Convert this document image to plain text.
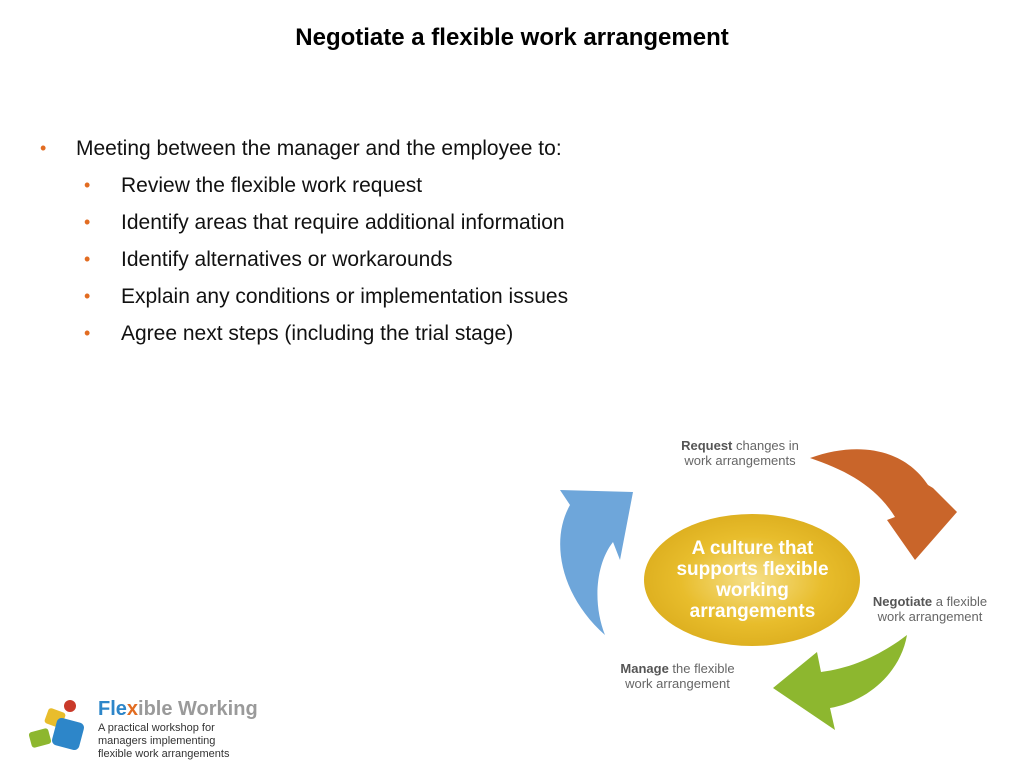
Negotiate a flexible work arrangement
• Meeting between the manager and the employee to:
• Review the flexible work request
• Identify areas that require additional information
• Identify alternatives or workarounds
• Explain any conditions or implementation issues
• Agree next steps (including the trial stage)
A culture that
supports flexible
working
arrangements
Request changes in
work arrangements
Negotiate a flexible
work arrangement
Manage the flexible
work arrangement
Flexible Working
A practical workshop for
managers implementing
flexible work arrangements
